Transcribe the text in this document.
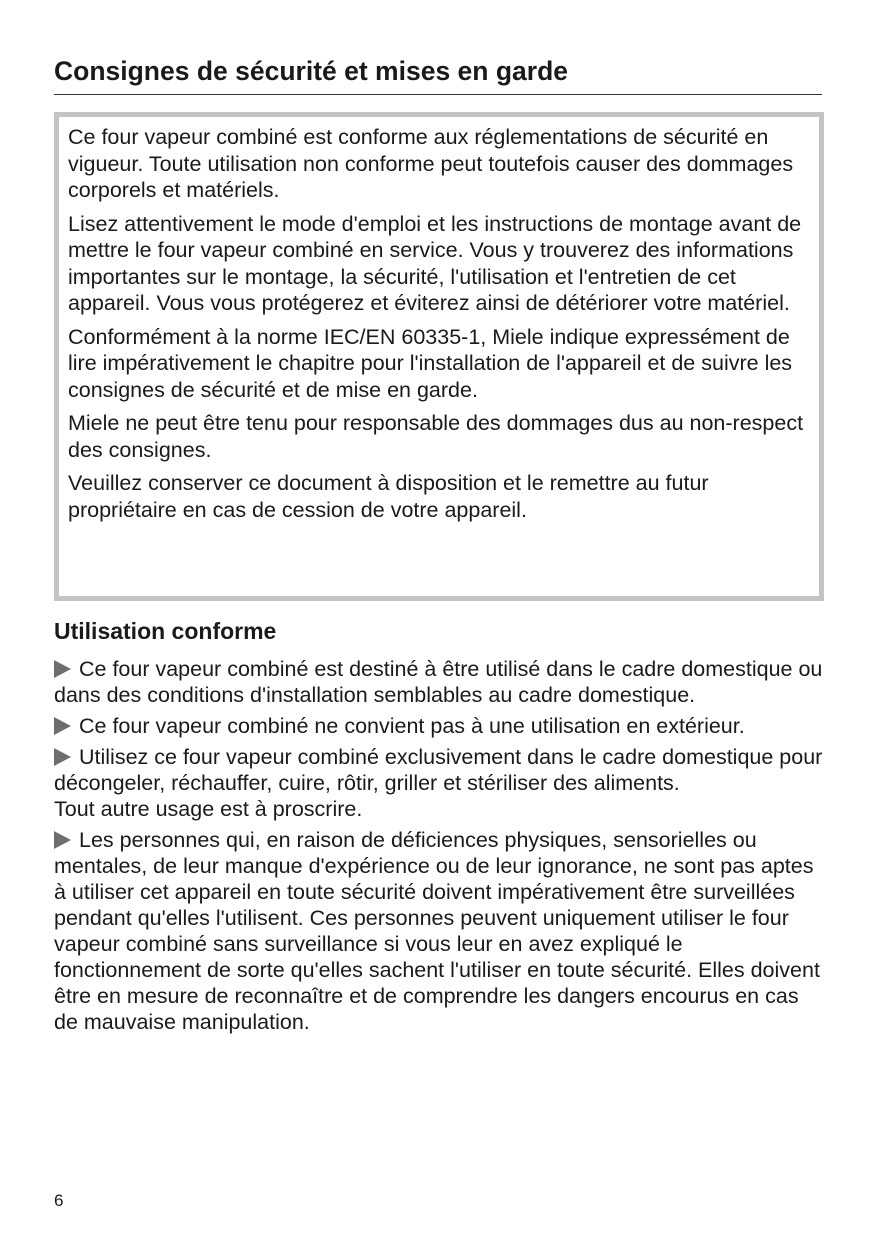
Consignes de sécurité et mises en garde

Ce four vapeur combiné est conforme aux réglementations de sécurité en vigueur. Toute utilisation non conforme peut toutefois causer des dommages corporels et matériels.

Lisez attentivement le mode d'emploi et les instructions de montage avant de mettre le four vapeur combiné en service. Vous y trouverez des informations importantes sur le montage, la sécurité, l'utilisation et l'entretien de cet appareil. Vous vous protégerez et éviterez ainsi de détériorer votre matériel.

Conformément à la norme IEC/EN 60335-1, Miele indique expressément de lire impérativement le chapitre pour l'installation de l'appareil et de suivre les consignes de sécurité et de mise en garde.

Miele ne peut être tenu pour responsable des dommages dus au non-respect des consignes.

Veuillez conserver ce document à disposition et le remettre au futur propriétaire en cas de cession de votre appareil.

Utilisation conforme

Ce four vapeur combiné est destiné à être utilisé dans le cadre domestique ou dans des conditions d'installation semblables au cadre domestique.

Ce four vapeur combiné ne convient pas à une utilisation en extérieur.

Utilisez ce four vapeur combiné exclusivement dans le cadre domestique pour décongeler, réchauffer, cuire, rôtir, griller et stériliser des aliments.

Tout autre usage est à proscrire.

Les personnes qui, en raison de déficiences physiques, sensorielles ou mentales, de leur manque d'expérience ou de leur ignorance, ne sont pas aptes à utiliser cet appareil en toute sécurité doivent impérativement être surveillées pendant qu'elles l'utilisent. Ces personnes peuvent uniquement utiliser le four vapeur combiné sans surveillance si vous leur en avez expliqué le fonctionnement de sorte qu'elles sachent l'utiliser en toute sécurité. Elles doivent être en mesure de reconnaître et de comprendre les dangers encourus en cas de mauvaise manipulation.

6
